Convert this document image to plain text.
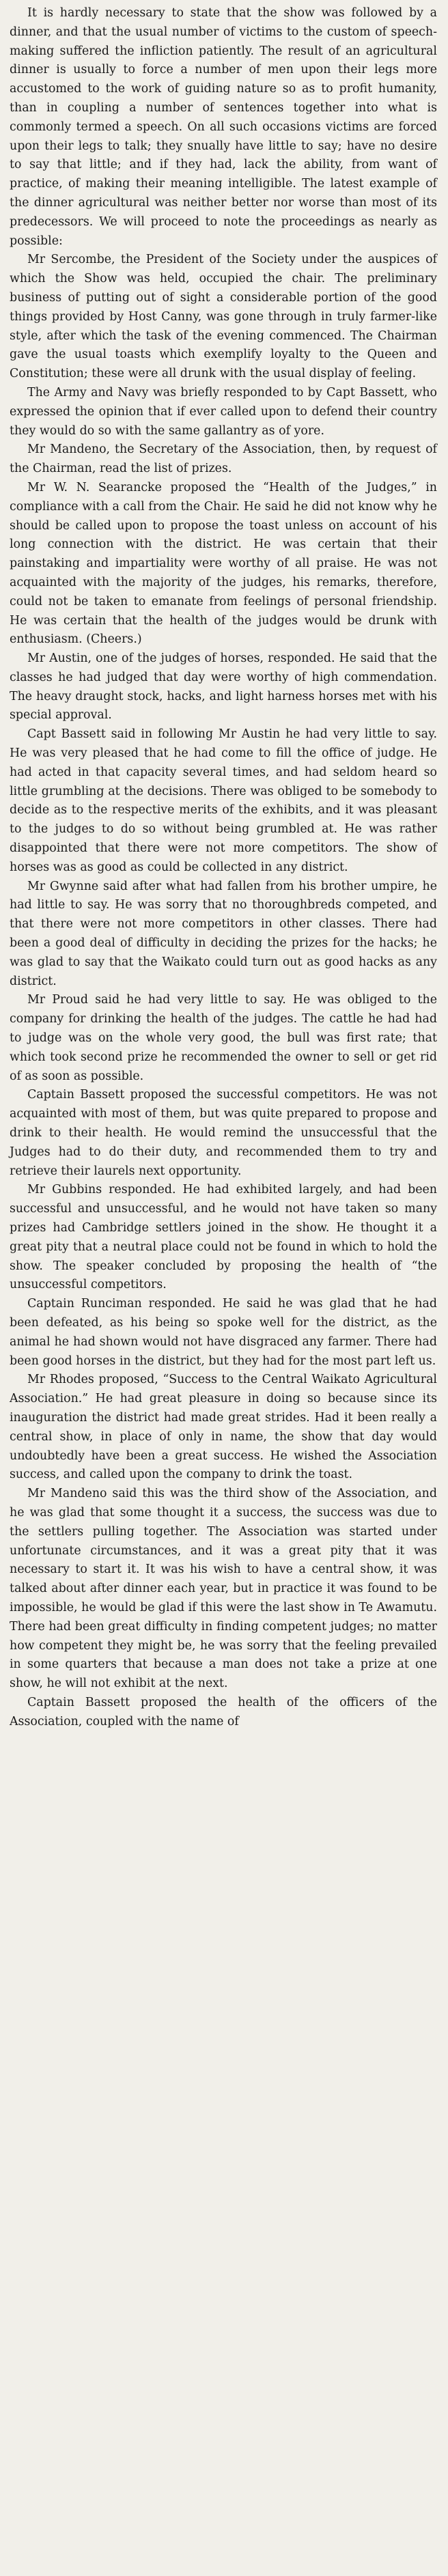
It is hardly necessary to state that the show was followed by a dinner, and that the usual number of victims to the custom of speech-making suffered the infliction patiently. The result of an agricultural dinner is usually to force a number of men upon their legs more accustomed to the work of guiding nature so as to profit humanity, than in coupling a number of sentences together into what is commonly termed a speech. On all such occasions victims are forced upon their legs to talk; they snually have little to say; have no desire to say that little; and if they had, lack the ability, from want of practice, of making their meaning intelligible. The latest example of the dinner agricultural was neither better nor worse than most of its predecessors. We will proceed to note the proceedings as nearly as possible:

Mr Sercombe, the President of the Society under the auspices of which the Show was held, occupied the chair. The preliminary business of putting out of sight a considerable portion of the good things provided by Host Canny, was gone through in truly farmer-like style, after which the task of the evening commenced. The Chairman gave the usual toasts which exemplify loyalty to the Queen and Constitution; these were all drunk with the usual display of feeling.

The Army and Navy was briefly responded to by Capt Bassett, who expressed the opinion that if ever called upon to defend their country they would do so with the same gallantry as of yore.

Mr Mandeno, the Secretary of the Association, then, by request of the Chairman, read the list of prizes.

Mr W. N. Searancke proposed the “Health of the Judges,” in compliance with a call from the Chair. He said he did not know why he should be called upon to propose the toast unless on account of his long connection with the district. He was certain that their painstaking and impartiality were worthy of all praise. He was not acquainted with the majority of the judges, his remarks, therefore, could not be taken to emanate from feelings of personal friendship. He was certain that the health of the judges would be drunk with enthusiasm. (Cheers.)

Mr Austin, one of the judges of horses, responded. He said that the classes he had judged that day were worthy of high commendation. The heavy draught stock, hacks, and light harness horses met with his special approval.

Capt Bassett said in following Mr Austin he had very little to say. He was very pleased that he had come to fill the office of judge. He had acted in that capacity several times, and had seldom heard so little grumbling at the decisions. There was obliged to be somebody to decide as to the respective merits of the exhibits, and it was pleasant to the judges to do so without being grumbled at. He was rather disappointed that there were not more competitors. The show of horses was as good as could be collected in any district.

Mr Gwynne said after what had fallen from his brother umpire, he had little to say. He was sorry that no thoroughbreds competed, and that there were not more competitors in other classes. There had been a good deal of difficulty in deciding the prizes for the hacks; he was glad to say that the Waikato could turn out as good hacks as any district.

Mr Proud said he had very little to say. He was obliged to the company for drinking the health of the judges. The cattle he had had to judge was on the whole very good, the bull was first rate; that which took second prize he recommended the owner to sell or get rid of as soon as possible.

Captain Bassett proposed the successful competitors. He was not acquainted with most of them, but was quite prepared to propose and drink to their health. He would remind the unsuccessful that the Judges had to do their duty, and recommended them to try and retrieve their laurels next opportunity.

Mr Gubbins responded. He had exhibited largely, and had been successful and unsuccessful, and he would not have taken so many prizes had Cambridge settlers joined in the show. He thought it a great pity that a neutral place could not be found in which to hold the show. The speaker concluded by proposing the health of “the unsuccessful competitors.

Captain Runciman responded. He said he was glad that he had been defeated, as his being so spoke well for the district, as the animal he had shown would not have disgraced any farmer. There had been good horses in the district, but they had for the most part left us.

Mr Rhodes proposed, “Success to the Central Waikato Agricultural Association.” He had great pleasure in doing so because since its inauguration the district had made great strides. Had it been really a central show, in place of only in name, the show that day would undoubtedly have been a great success. He wished the Association success, and called upon the company to drink the toast.

Mr Mandeno said this was the third show of the Association, and he was glad that some thought it a success, the success was due to the settlers pulling together. The Association was started under unfortunate circumstances, and it was a great pity that it was necessary to start it. It was his wish to have a central show, it was talked about after dinner each year, but in practice it was found to be impossible, he would be glad if this were the last show in Te Awamutu. There had been great difficulty in finding competent judges; no matter how competent they might be, he was sorry that the feeling prevailed in some quarters that because a man does not take a prize at one show, he will not exhibit at the next.

Captain Bassett proposed the health of the officers of the Association, coupled with the name of
